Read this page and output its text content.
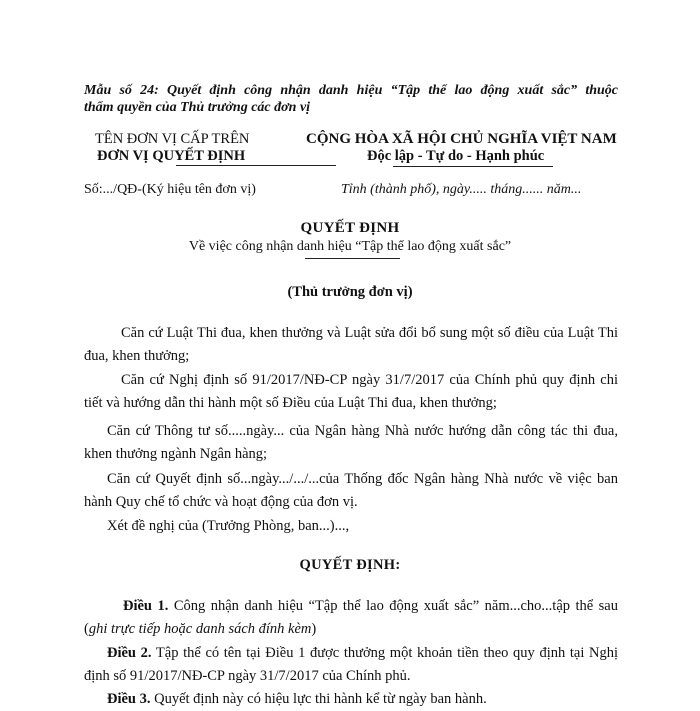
Mẫu số 24: Quyết định công nhận danh hiệu “Tập thể lao động xuất sắc” thuộc
thẩm quyền của Thủ trưởng các đơn vị
TÊN ĐƠN VỊ CẤP TRÊN
ĐƠN VỊ QUYẾT ĐỊNH
CỘNG HÒA XÃ HỘI CHỦ NGHĨA VIỆT NAM
Độc lập - Tự do - Hạnh phúc
Số:.../QĐ-(Ký hiệu tên đơn vị)	Tỉnh (thành phố), ngày..... tháng...... năm...
QUYẾT ĐỊNH
Về việc công nhận danh hiệu “Tập thể lao động xuất sắc”
(Thủ trưởng đơn vị)
Căn cứ Luật Thi đua, khen thưởng và Luật sửa đổi bổ sung một số điều của Luật Thi đua, khen thưởng;
Căn cứ Nghị định số 91/2017/NĐ-CP ngày 31/7/2017 của Chính phủ quy định chi tiết và hướng dẫn thi hành một số Điều của Luật Thi đua, khen thưởng;
Căn cứ Thông tư số.....ngày... của Ngân hàng Nhà nước hướng dẫn công tác thi đua, khen thưởng ngành Ngân hàng;
Căn cứ Quyết định số...ngày.../.../...của Thống đốc Ngân hàng Nhà nước về việc ban hành Quy chế tổ chức và hoạt động của đơn vị.
Xét đề nghị của (Trưởng Phòng, ban...)...,
QUYẾT ĐỊNH:
Điều 1. Công nhận danh hiệu “Tập thể lao động xuất sắc” năm...cho...tập thể sau (ghi trực tiếp hoặc danh sách đính kèm)
Điều 2. Tập thể có tên tại Điều 1 được thưởng một khoản tiền theo quy định tại Nghị định số 91/2017/NĐ-CP ngày 31/7/2017 của Chính phủ.
Điều 3. Quyết định này có hiệu lực thi hành kể từ ngày ban hành.
